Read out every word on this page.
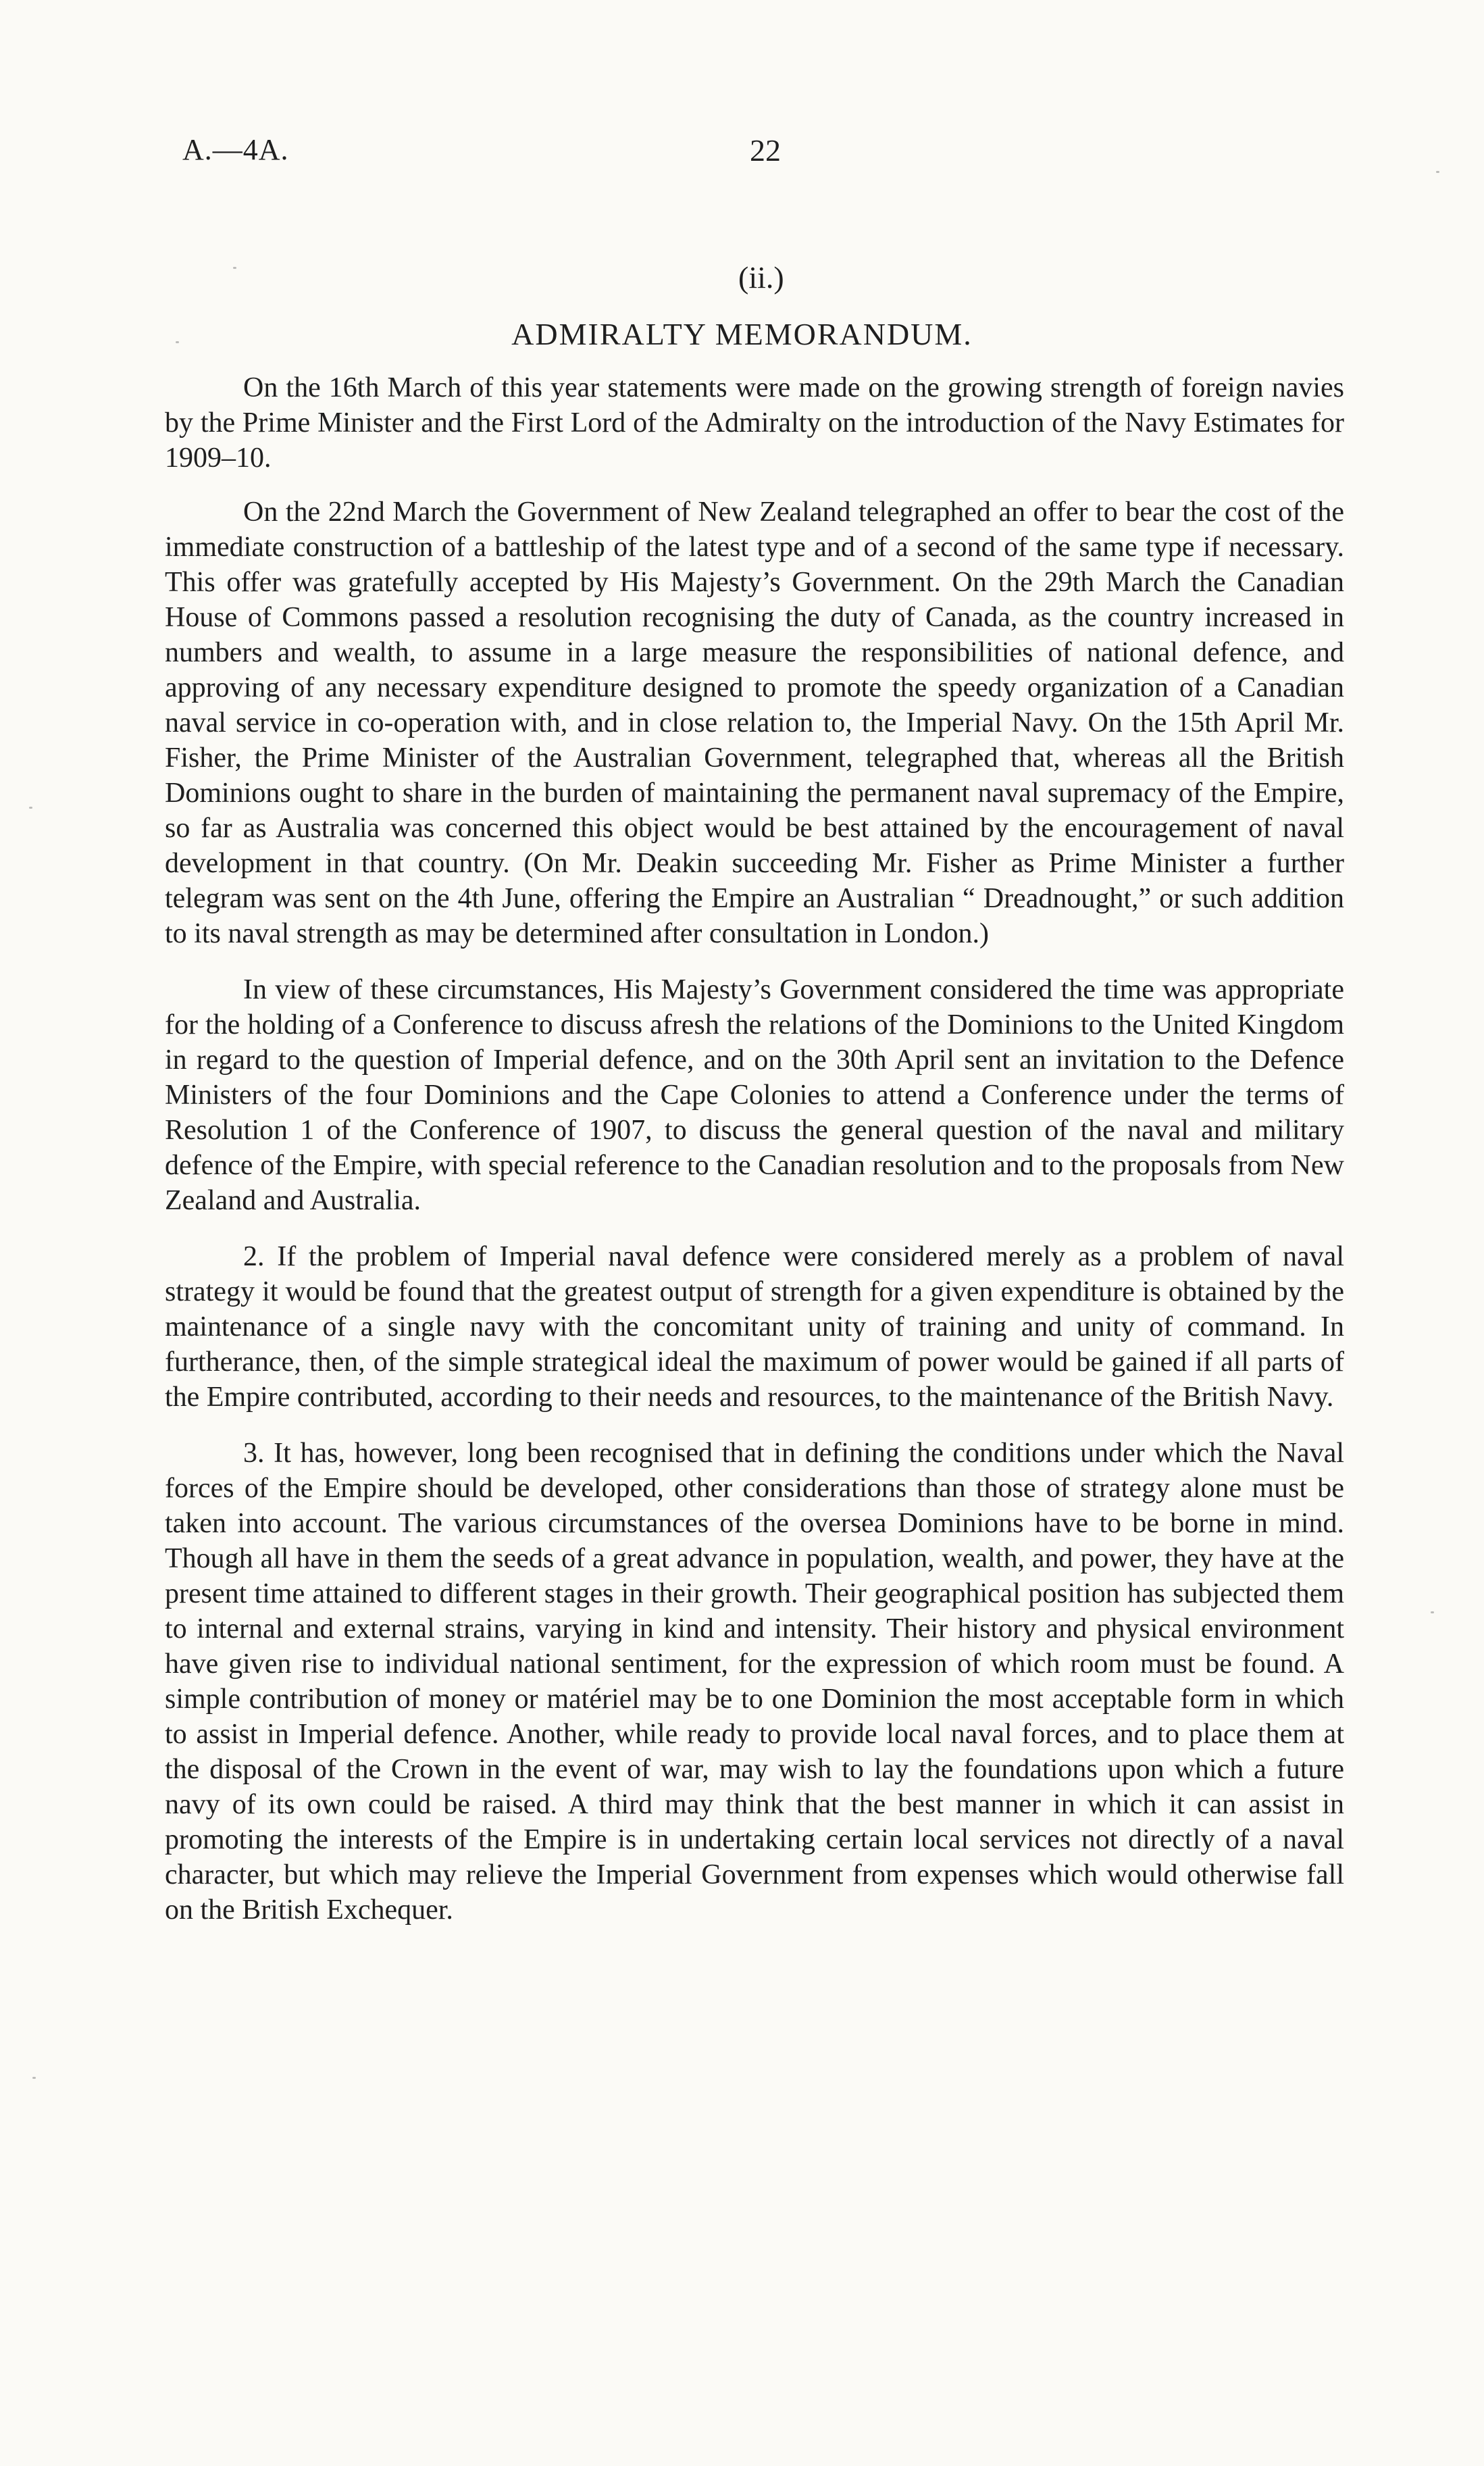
A.—4A.	22
(ii.)
ADMIRALTY MEMORANDUM.

On the 16th March of this year statements were made on the growing strength of foreign navies by the Prime Minister and the First Lord of the Admiralty on the introduction of the Navy Estimates for 1909–10.

On the 22nd March the Government of New Zealand telegraphed an offer to bear the cost of the immediate construction of a battleship of the latest type and of a second of the same type if necessary. This offer was gratefully accepted by His Majesty’s Government. On the 29th March the Canadian House of Commons passed a resolution recognising the duty of Canada, as the country increased in numbers and wealth, to assume in a large measure the responsibilities of national defence, and approving of any necessary expenditure designed to promote the speedy organization of a Canadian naval service in co-operation with, and in close relation to, the Imperial Navy. On the 15th April Mr. Fisher, the Prime Minister of the Australian Government, telegraphed that, whereas all the British Dominions ought to share in the burden of maintaining the permanent naval supremacy of the Empire, so far as Australia was concerned this object would be best attained by the encouragement of naval development in that country. (On Mr. Deakin succeeding Mr. Fisher as Prime Minister a further telegram was sent on the 4th June, offering the Empire an Australian “ Dreadnought,” or such addition to its naval strength as may be determined after consultation in London.)

In view of these circumstances, His Majesty’s Government considered the time was appropriate for the holding of a Conference to discuss afresh the relations of the Dominions to the United Kingdom in regard to the question of Imperial defence, and on the 30th April sent an invitation to the Defence Ministers of the four Dominions and the Cape Colonies to attend a Conference under the terms of Resolution 1 of the Conference of 1907, to discuss the general question of the naval and military defence of the Empire, with special reference to the Canadian resolution and to the proposals from New Zealand and Australia.

2. If the problem of Imperial naval defence were considered merely as a problem of naval strategy it would be found that the greatest output of strength for a given expenditure is obtained by the maintenance of a single navy with the concomitant unity of training and unity of command. In furtherance, then, of the simple strategical ideal the maximum of power would be gained if all parts of the Empire contributed, according to their needs and resources, to the maintenance of the British Navy.

3. It has, however, long been recognised that in defining the conditions under which the Naval forces of the Empire should be developed, other considerations than those of strategy alone must be taken into account. The various circumstances of the oversea Dominions have to be borne in mind. Though all have in them the seeds of a great advance in population, wealth, and power, they have at the present time attained to different stages in their growth. Their geographical position has subjected them to internal and external strains, varying in kind and intensity. Their history and physical environment have given rise to individual national sentiment, for the expression of which room must be found. A simple contribution of money or matériel may be to one Dominion the most acceptable form in which to assist in Imperial defence. Another, while ready to provide local naval forces, and to place them at the disposal of the Crown in the event of war, may wish to lay the foundations upon which a future navy of its own could be raised. A third may think that the best manner in which it can assist in promoting the interests of the Empire is in undertaking certain local services not directly of a naval character, but which may relieve the Imperial Government from expenses which would otherwise fall on the British Exchequer.
